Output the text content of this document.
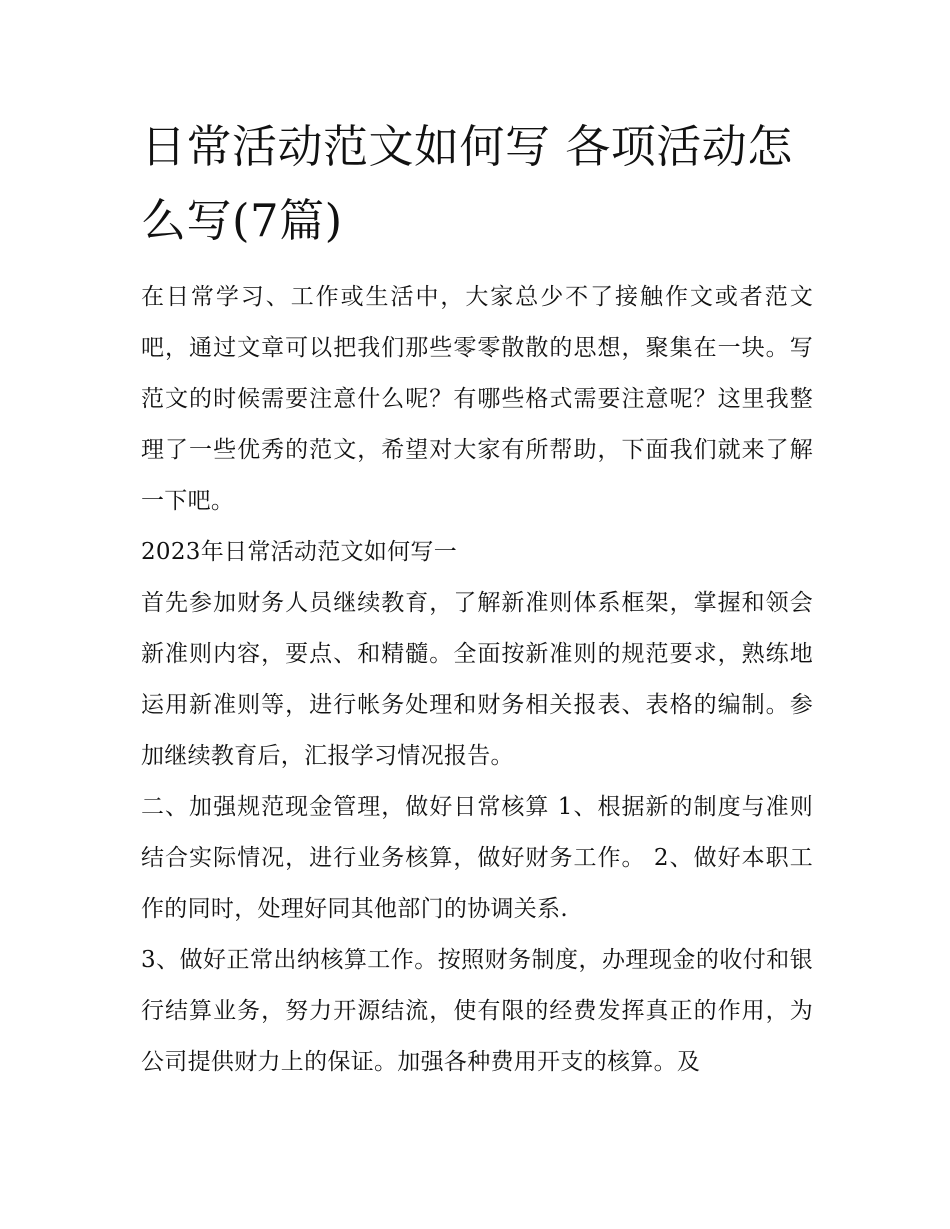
日常活动范文如何写 各项活动怎么写(7篇)

在日常学习、工作或生活中，大家总少不了接触作文或者范文吧，通过文章可以把我们那些零零散散的思想，聚集在一块。写范文的时候需要注意什么呢？有哪些格式需要注意呢？这里我整理了一些优秀的范文，希望对大家有所帮助，下面我们就来了解一下吧。

2023年日常活动范文如何写一

首先参加财务人员继续教育，了解新准则体系框架，掌握和领会新准则内容，要点、和精髓。全面按新准则的规范要求，熟练地运用新准则等，进行帐务处理和财务相关报表、表格的编制。参加继续教育后，汇报学习情况报告。

二、加强规范现金管理，做好日常核算 1、根据新的制度与准则结合实际情况，进行业务核算，做好财务工作。 2、做好本职工作的同时，处理好同其他部门的协调关系.

3、做好正常出纳核算工作。按照财务制度，办理现金的收付和银行结算业务，努力开源结流，使有限的经费发挥真正的作用，为公司提供财力上的保证。加强各种费用开支的核算。及
